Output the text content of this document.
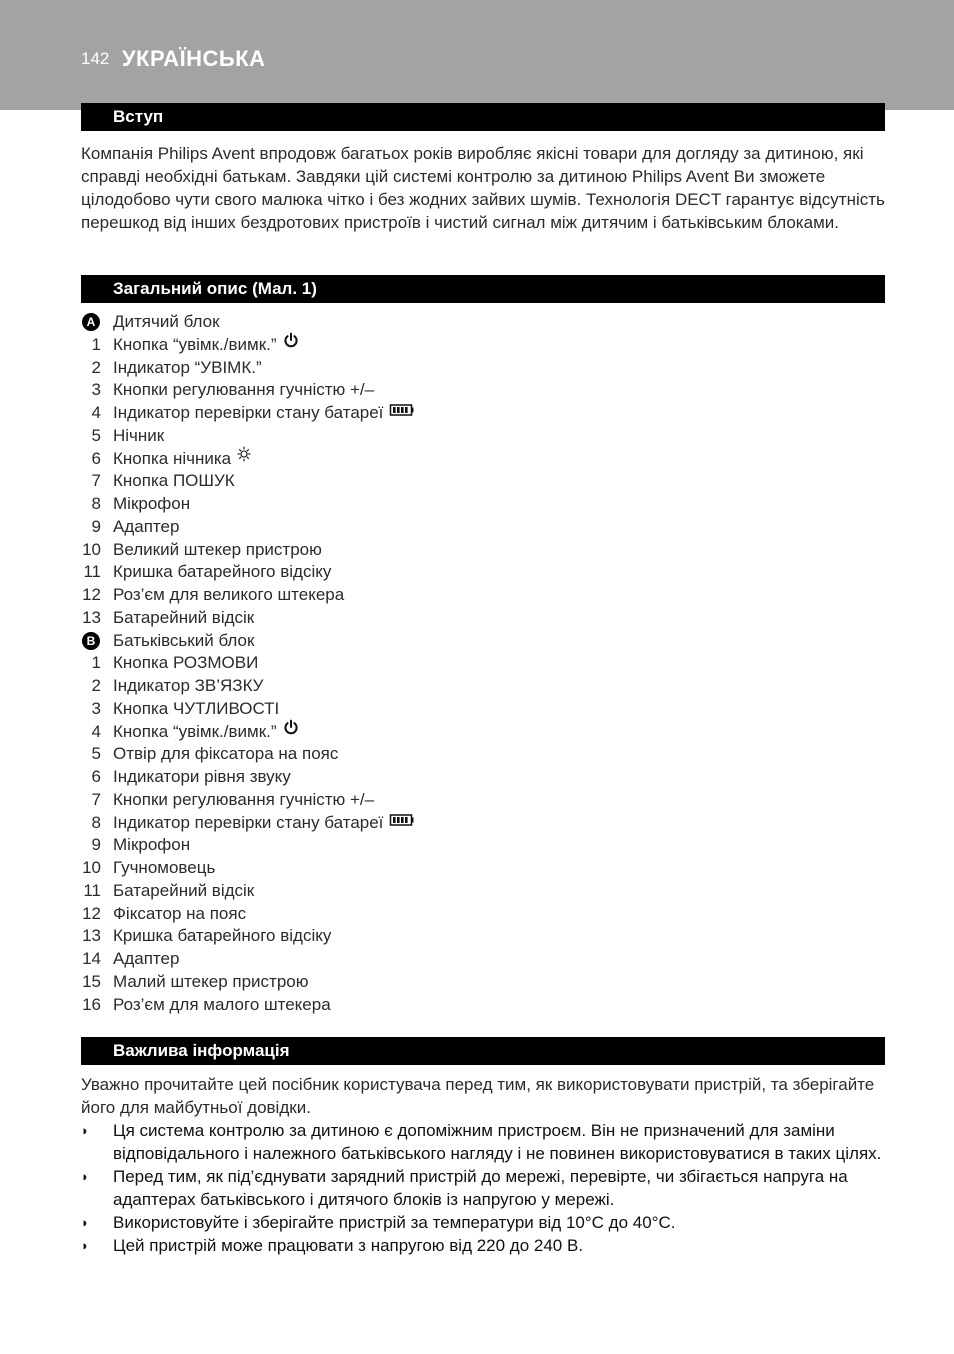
142 УКРАЇНСЬКА
Вступ

Компанія Philips Avent впродовж багатьох років виробляє якісні товари для догляду за дитиною, які справді необхідні батькам. Завдяки цій системі контролю за дитиною Philips Avent Ви зможете цілодобово чути свого малюка чітко і без жодних зайвих шумів. Технологія DECT гарантує відсутність перешкод від інших бездротових пристроїв і чистий сигнал між дитячим і батьківським блоками.

Загальний опис (Мал. 1)
A Дитячий блок
1 Кнопка “увімк./вимк.”
2 Індикатор “УВІМК.”
3 Кнопки регулювання гучністю +/–
4 Індикатор перевірки стану батареї
5 Нічник
6 Кнопка нічника
7 Кнопка ПОШУК
8 Мікрофон
9 Адаптер
10 Великий штекер пристрою
11 Кришка батарейного відсіку
12 Роз’єм для великого штекера
13 Батарейний відсік
B Батьківський блок
1 Кнопка РОЗМОВИ
2 Індикатор ЗВ’ЯЗКУ
3 Кнопка ЧУТЛИВОСТІ
4 Кнопка “увімк./вимк.”
5 Отвір для фіксатора на пояс
6 Індикатори рівня звуку
7 Кнопки регулювання гучністю +/–
8 Індикатор перевірки стану батареї
9 Мікрофон
10 Гучномовець
11 Батарейний відсік
12 Фіксатор на пояс
13 Кришка батарейного відсіку
14 Адаптер
15 Малий штекер пристрою
16 Роз’єм для малого штекера
Важлива інформація

Уважно прочитайте цей посібник користувача перед тим, як використовувати пристрій, та зберігайте його для майбутньої довідки.

◗ Ця система контролю за дитиною є допоміжним пристроєм. Він не призначений для заміни відповідального і належного батьківського нагляду і не повинен використовуватися в таких цілях.
◗ Перед тим, як під’єднувати зарядний пристрій до мережі, перевірте, чи збігається напруга на адаптерах батьківського і дитячого блоків із напругою у мережі.
◗ Використовуйте і зберігайте пристрій за температури від 10°C до 40°C.
◗ Цей пристрій може працювати з напругою від 220 до 240 В.
